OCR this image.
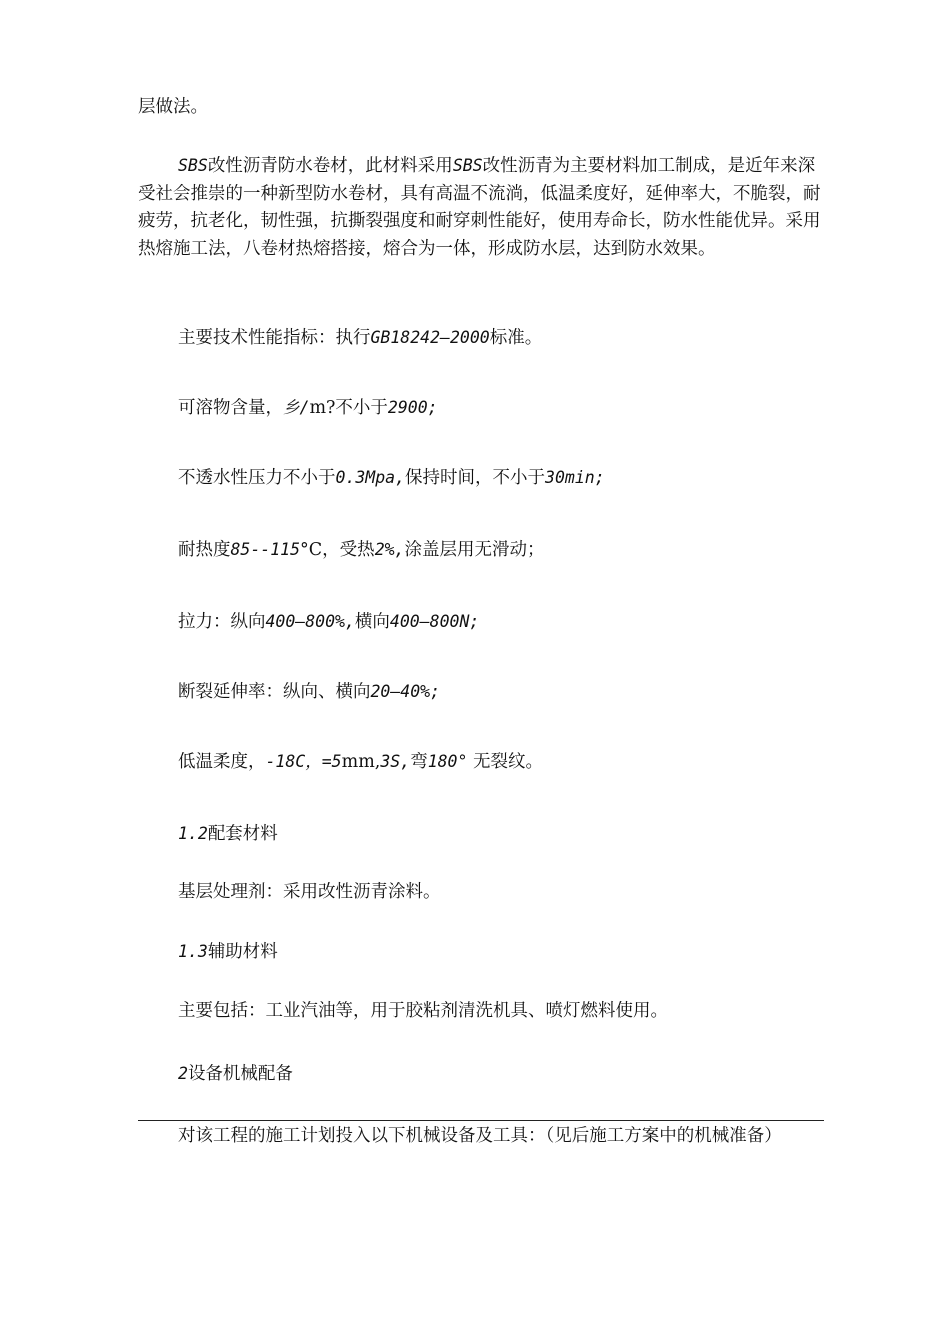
层做法。

SBS改性沥青防水卷材，此材料采用SBS改性沥青为主要材料加工制成，是近年来深受社会推崇的一种新型防水卷材，具有高温不流淌，低温柔度好，延伸率大，不脆裂，耐疲劳，抗老化，韧性强，抗撕裂强度和耐穿刺性能好，使用寿命长，防水性能优异。采用热熔施工法，八卷材热熔搭接，熔合为一体，形成防水层，达到防水效果。

主要技术性能指标：执行GB18242—2000标准。

可溶物含量，乡/m?不小于2900;

不透水性压力不小于0.3Mpa,保持时间，不小于30min;

耐热度85--115°C，受热2%,涂盖层用无滑动；

拉力：纵向400—800%,横向400—800N;

断裂延伸率：纵向、横向20—40%;

低温柔度，-18C，=5mm,3S,弯180° 无裂纹。

1.2配套材料

基层处理剂：采用改性沥青涂料。

1.3辅助材料

主要包括：工业汽油等，用于胶粘剂清洗机具、喷灯燃料使用。

2设备机械配备

对该工程的施工计划投入以下机械设备及工具：（见后施工方案中的机械准备）
